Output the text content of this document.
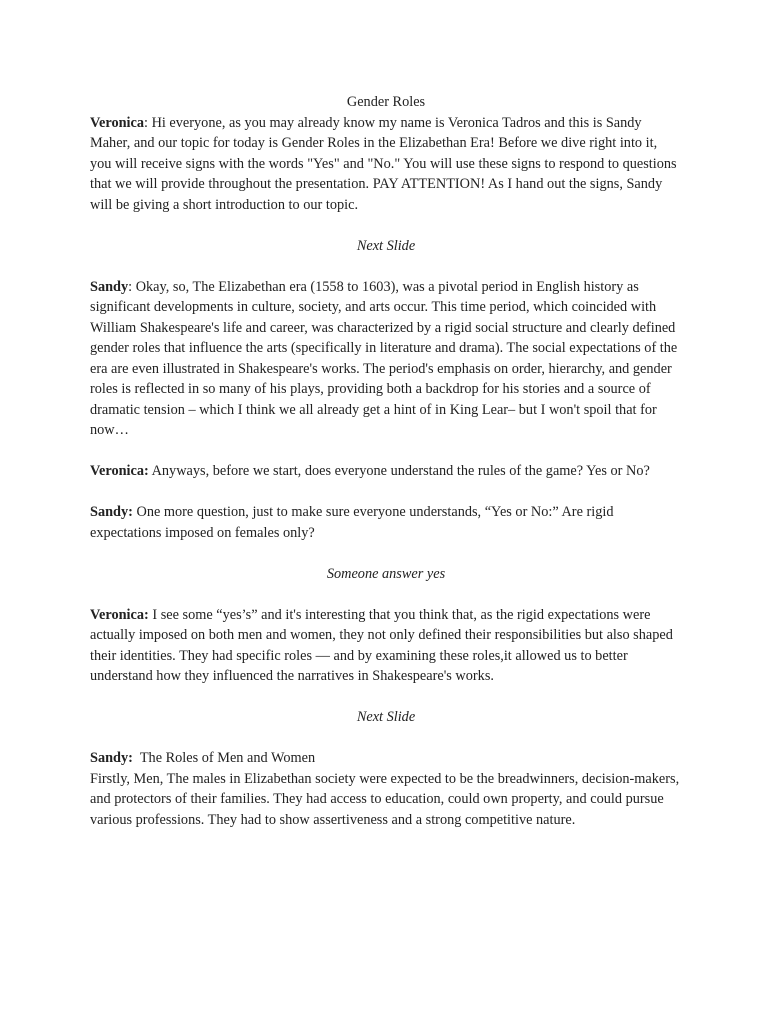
Gender Roles

Veronica: Hi everyone, as you may already know my name is Veronica Tadros and this is Sandy Maher, and our topic for today is Gender Roles in the Elizabethan Era! Before we dive right into it, you will receive signs with the words "Yes" and "No." You will use these signs to respond to questions that we will provide throughout the presentation. PAY ATTENTION! As I hand out the signs, Sandy will be giving a short introduction to our topic.

Next Slide

Sandy: Okay, so, The Elizabethan era (1558 to 1603), was a pivotal period in English history as significant developments in culture, society, and arts occur. This time period, which coincided with William Shakespeare's life and career, was characterized by a rigid social structure and clearly defined gender roles that influence the arts (specifically in literature and drama). The social expectations of the era are even illustrated in Shakespeare's works. The period's emphasis on order, hierarchy, and gender roles is reflected in so many of his plays, providing both a backdrop for his stories and a source of dramatic tension – which I think we all already get a hint of in King Lear– but I won't spoil that for now…

Veronica: Anyways, before we start, does everyone understand the rules of the game? Yes or No?

Sandy: One more question, just to make sure everyone understands, “Yes or No:” Are rigid expectations imposed on females only?

Someone answer yes

Veronica: I see some “yes’s” and it's interesting that you think that, as the rigid expectations were actually imposed on both men and women, they not only defined their responsibilities but also shaped their identities. They had specific roles — and by examining these roles,it allowed us to better understand how they influenced the narratives in Shakespeare's works.

Next Slide

Sandy: The Roles of Men and Women

Firstly, Men, The males in Elizabethan society were expected to be the breadwinners, decision-makers, and protectors of their families. They had access to education, could own property, and could pursue various professions. They had to show assertiveness and a strong competitive nature.
